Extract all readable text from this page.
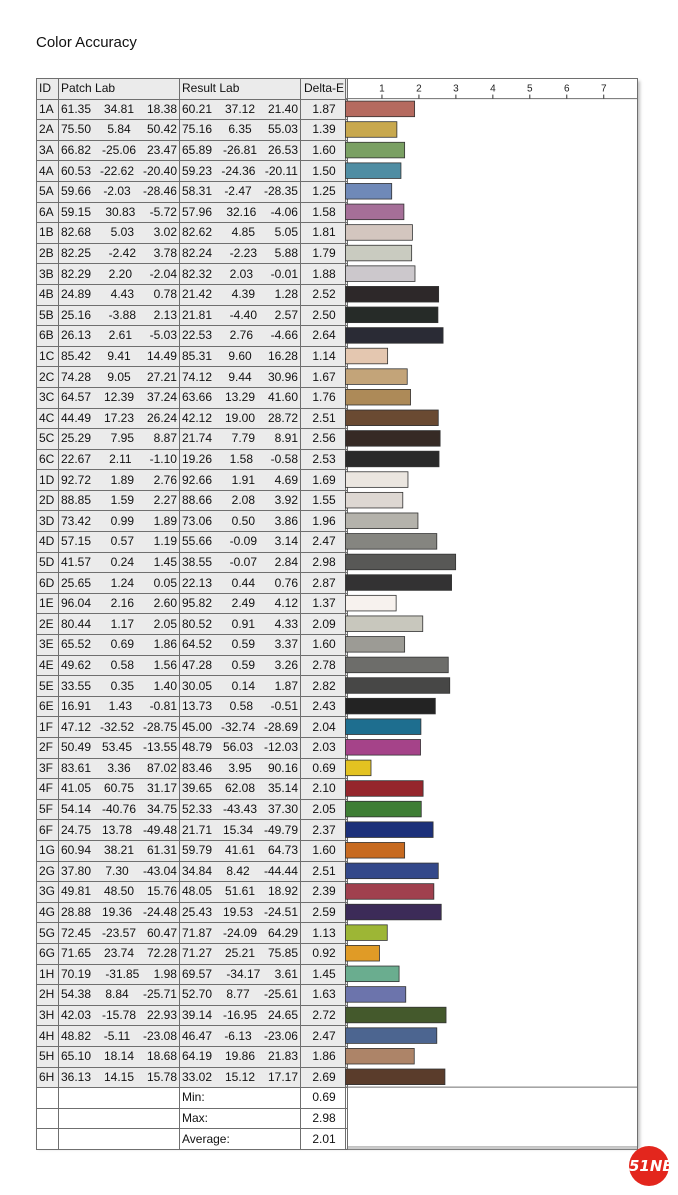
Color Accuracy
ID	Patch Lab	Result Lab	Delta-E
1A	61.35 34.81 18.38	60.21 37.12 21.40	1.87
2A	75.50 5.84 50.42	75.16 6.35 55.03	1.39
3A	66.82 -25.06 23.47	65.89 -26.81 26.53	1.60
4A	60.53 -22.62 -20.40	59.23 -24.36 -20.11	1.50
5A	59.66 -2.03 -28.46	58.31 -2.47 -28.35	1.25
6A	59.15 30.83 -5.72	57.96 32.16 -4.06	1.58
1B	82.68 5.03 3.02	82.62 4.85 5.05	1.81
2B	82.25 -2.42 3.78	82.24 -2.23 5.88	1.79
3B	82.29 2.20 -2.04	82.32 2.03 -0.01	1.88
4B	24.89 4.43 0.78	21.42 4.39 1.28	2.52
5B	25.16 -3.88 2.13	21.81 -4.40 2.57	2.50
6B	26.13 2.61 -5.03	22.53 2.76 -4.66	2.64
1C	85.42 9.41 14.49	85.31 9.60 16.28	1.14
2C	74.28 9.05 27.21	74.12 9.44 30.96	1.67
3C	64.57 12.39 37.24	63.66 13.29 41.60	1.76
4C	44.49 17.23 26.24	42.12 19.00 28.72	2.51
5C	25.29 7.95 8.87	21.74 7.79 8.91	2.56
6C	22.67 2.11 -1.10	19.26 1.58 -0.58	2.53
1D	92.72 1.89 2.76	92.66 1.91 4.69	1.69
2D	88.85 1.59 2.27	88.66 2.08 3.92	1.55
3D	73.42 0.99 1.89	73.06 0.50 3.86	1.96
4D	57.15 0.57 1.19	55.66 -0.09 3.14	2.47
5D	41.57 0.24 1.45	38.55 -0.07 2.84	2.98
6D	25.65 1.24 0.05	22.13 0.44 0.76	2.87
1E	96.04 2.16 2.60	95.82 2.49 4.12	1.37
2E	80.44 1.17 2.05	80.52 0.91 4.33	2.09
3E	65.52 0.69 1.86	64.52 0.59 3.37	1.60
4E	49.62 0.58 1.56	47.28 0.59 3.26	2.78
5E	33.55 0.35 1.40	30.05 0.14 1.87	2.82
6E	16.91 1.43 -0.81	13.73 0.58 -0.51	2.43
1F	47.12 -32.52 -28.75	45.00 -32.74 -28.69	2.04
2F	50.49 53.45 -13.55	48.79 56.03 -12.03	2.03
3F	83.61 3.36 87.02	83.46 3.95 90.16	0.69
4F	41.05 60.75 31.17	39.65 62.08 35.14	2.10
5F	54.14 -40.76 34.75	52.33 -43.43 37.30	2.05
6F	24.75 13.78 -49.48	21.71 15.34 -49.79	2.37
1G	60.94 38.21 61.31	59.79 41.61 64.73	1.60
2G	37.80 7.30 -43.04	34.84 8.42 -44.44	2.51
3G	49.81 48.50 15.76	48.05 51.61 18.92	2.39
4G	28.88 19.36 -24.48	25.43 19.53 -24.51	2.59
5G	72.45 -23.57 60.47	71.87 -24.09 64.29	1.13
6G	71.65 23.74 72.28	71.27 25.21 75.85	0.92
1H	70.19 -31.85 1.98	69.57 -34.17 3.61	1.45
2H	54.38 8.84 -25.71	52.70 8.77 -25.61	1.63
3H	42.03 -15.78 22.93	39.14 -16.95 24.65	2.72
4H	48.82 -5.11 -23.08	46.47 -6.13 -23.06	2.47
5H	65.10 18.14 18.68	64.19 19.86 21.83	1.86
6H	36.13 14.15 15.78	33.02 15.12 17.17	2.69
		Min:	0.69
		Max:	2.98
		Average:	2.01
1	2	3	4	5	6	7
51NB
